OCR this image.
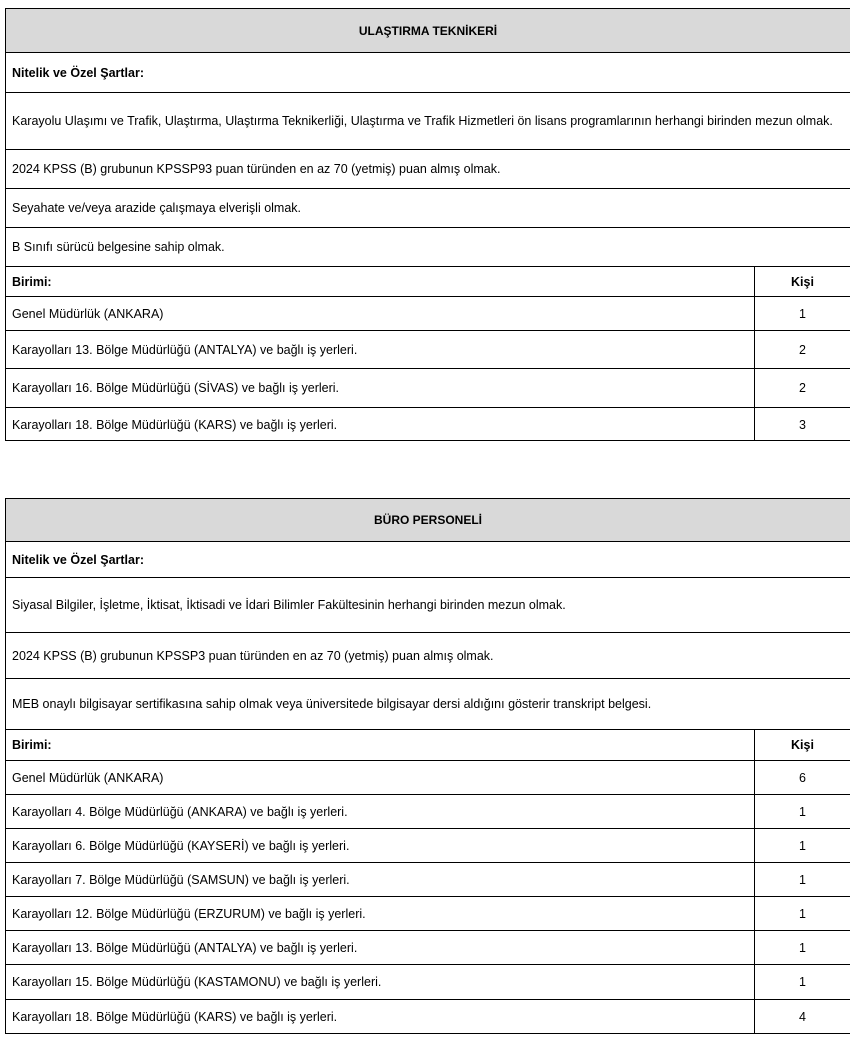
ULAŞTIRMA TEKNİKERİ
Nitelik ve Özel Şartlar:
Karayolu Ulaşımı ve Trafik, Ulaştırma, Ulaştırma Teknikerliği, Ulaştırma ve Trafik Hizmetleri ön lisans programlarının herhangi birinden mezun olmak.
2024 KPSS (B) grubunun KPSSP93 puan türünden en az 70 (yetmiş) puan almış olmak.
Seyahate ve/veya arazide çalışmaya elverişli olmak.
B Sınıfı sürücü belgesine sahip olmak.
Birimi:	Kişi
Genel Müdürlük (ANKARA)	1
Karayolları 13. Bölge Müdürlüğü (ANTALYA) ve bağlı iş yerleri.	2
Karayolları 16. Bölge Müdürlüğü (SİVAS) ve bağlı iş yerleri.	2
Karayolları 18. Bölge Müdürlüğü (KARS) ve bağlı iş yerleri.	3
BÜRO PERSONELİ
Nitelik ve Özel Şartlar:
Siyasal Bilgiler, İşletme, İktisat, İktisadi ve İdari Bilimler Fakültesinin herhangi birinden mezun olmak.
2024 KPSS (B) grubunun KPSSP3 puan türünden en az 70 (yetmiş) puan almış olmak.
MEB onaylı bilgisayar sertifikasına sahip olmak veya üniversitede bilgisayar dersi aldığını gösterir transkript belgesi.
Birimi:	Kişi
Genel Müdürlük (ANKARA)	6
Karayolları 4. Bölge Müdürlüğü (ANKARA) ve bağlı iş yerleri.	1
Karayolları 6. Bölge Müdürlüğü (KAYSERİ) ve bağlı iş yerleri.	1
Karayolları 7. Bölge Müdürlüğü (SAMSUN) ve bağlı iş yerleri.	1
Karayolları 12. Bölge Müdürlüğü (ERZURUM) ve bağlı iş yerleri.	1
Karayolları 13. Bölge Müdürlüğü (ANTALYA) ve bağlı iş yerleri.	1
Karayolları 15. Bölge Müdürlüğü (KASTAMONU) ve bağlı iş yerleri.	1
Karayolları 18. Bölge Müdürlüğü (KARS) ve bağlı iş yerleri.	4
